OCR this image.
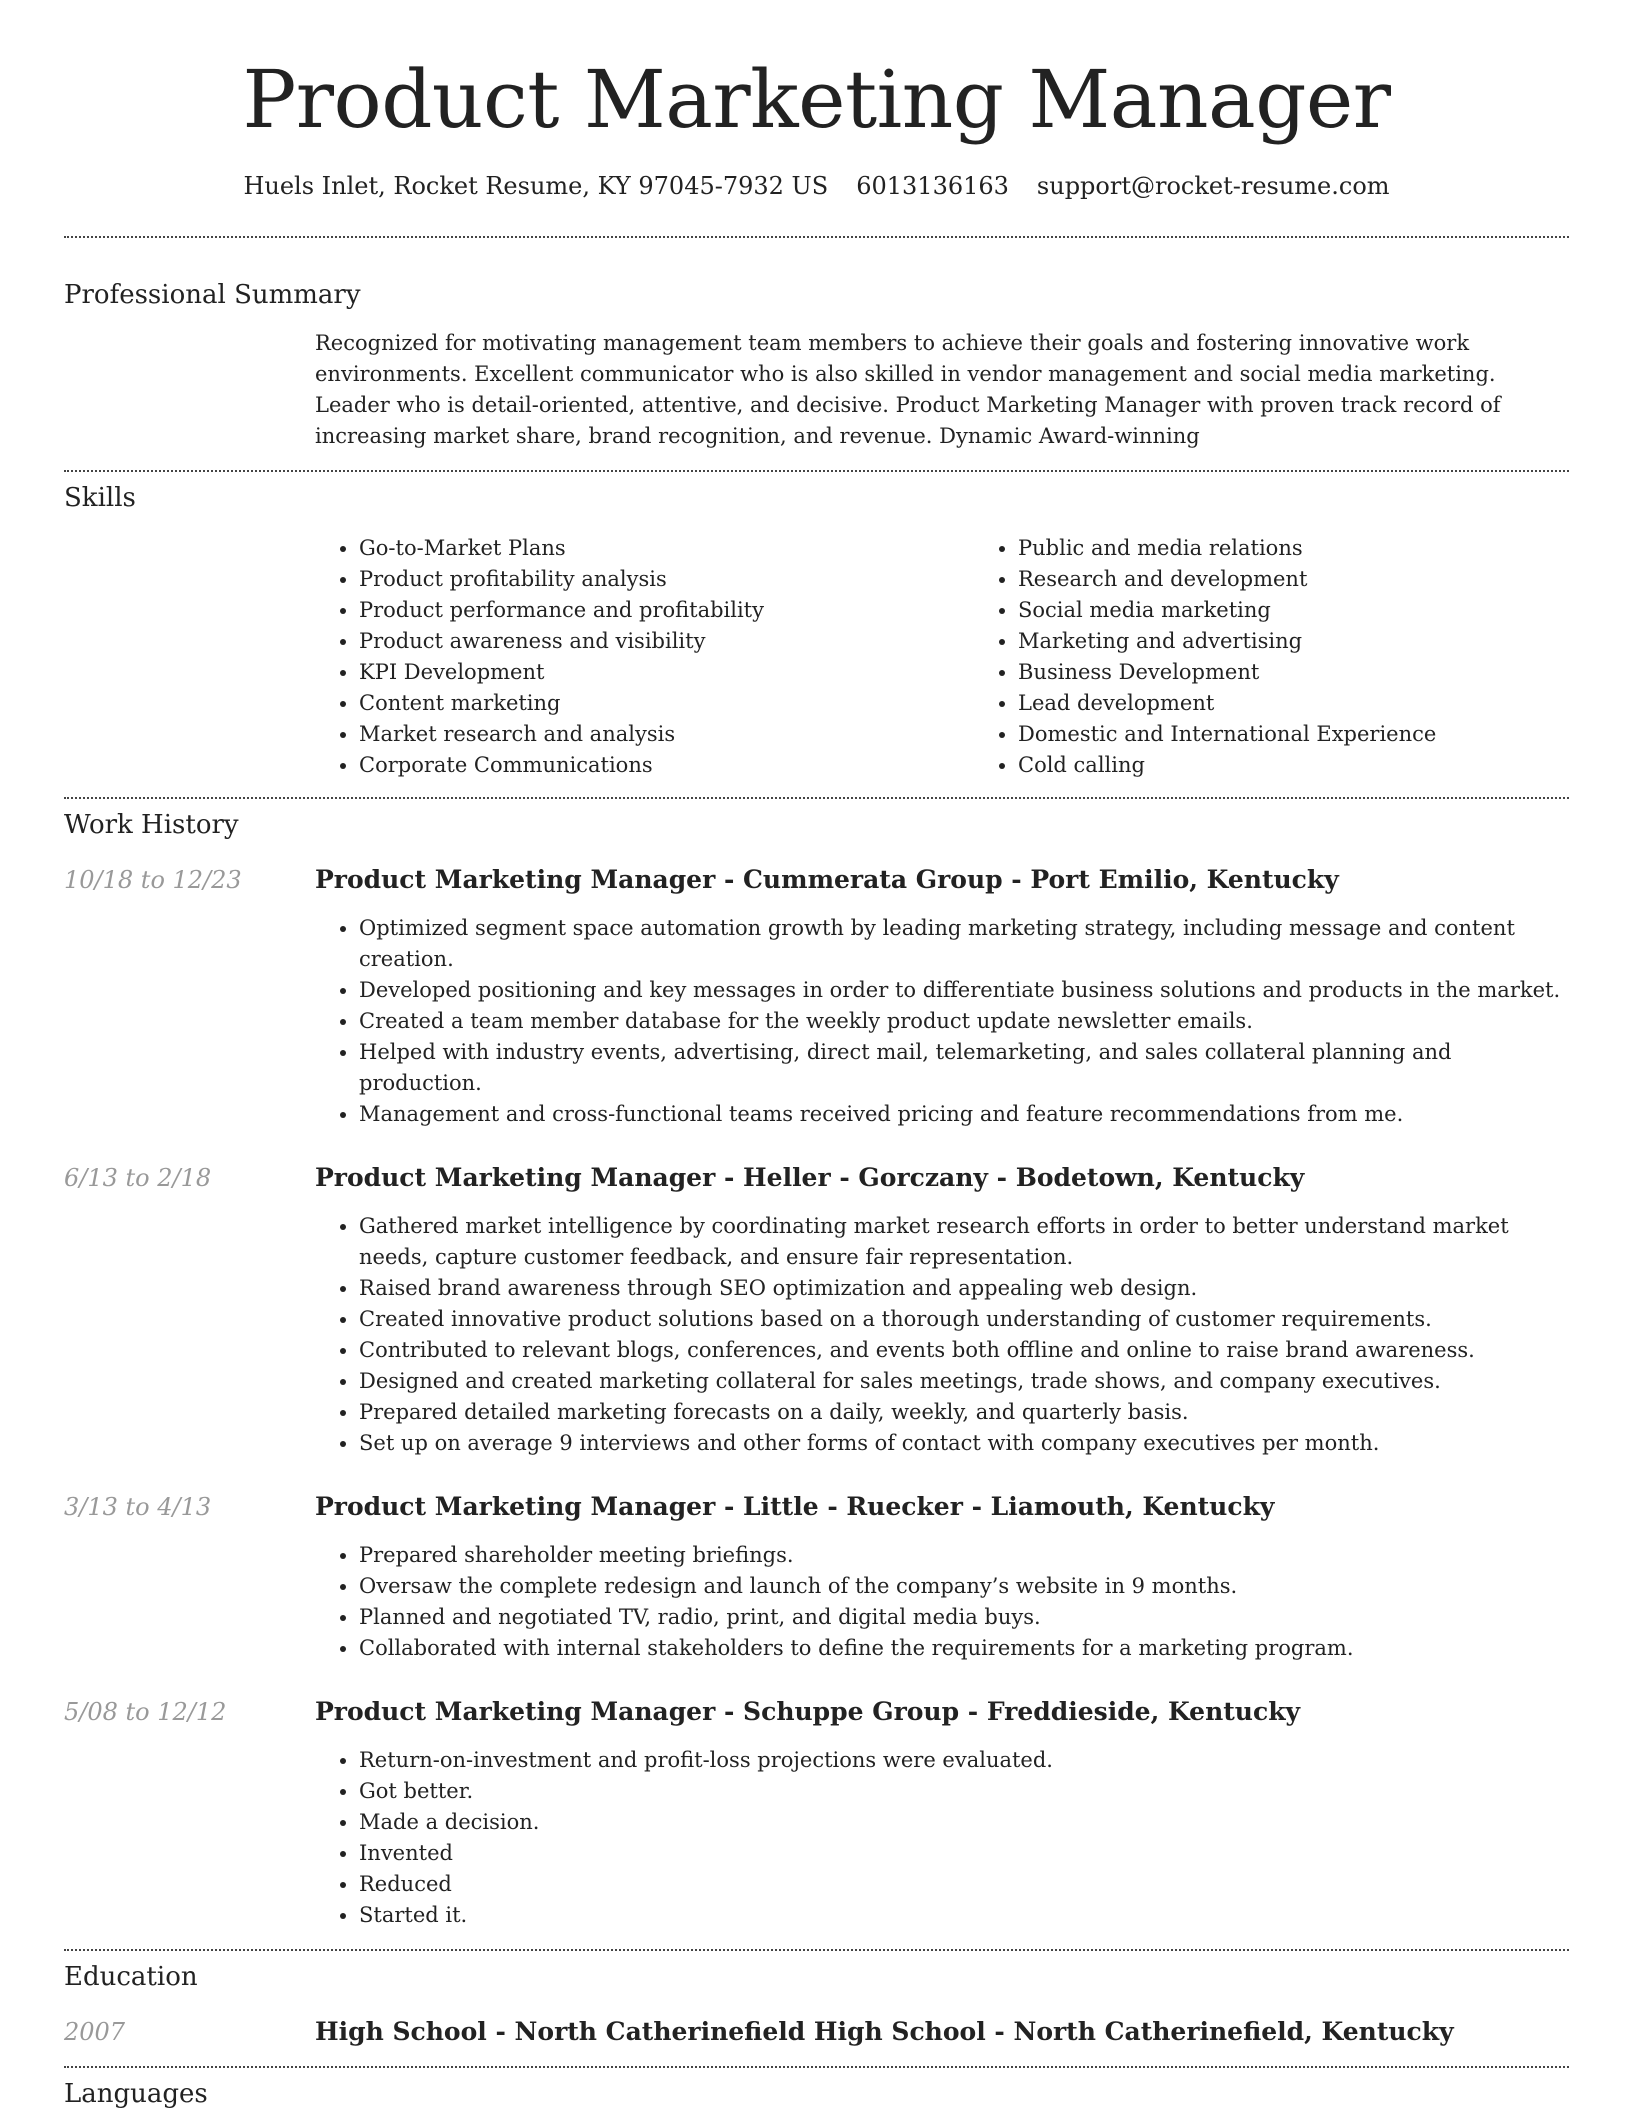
Product Marketing Manager
Huels Inlet, Rocket Resume, KY 97045-7932 US 6013136163 support@rocket-resume.com
Professional Summary

Recognized for motivating management team members to achieve their goals and fostering innovative work environments. Excellent communicator who is also skilled in vendor management and social media marketing. Leader who is detail-oriented, attentive, and decisive. Product Marketing Manager with proven track record of increasing market share, brand recognition, and revenue. Dynamic Award-winning

Skills
• Go-to-Market Plans
• Product profitability analysis
• Product performance and profitability
• Product awareness and visibility
• KPI Development
• Content marketing
• Market research and analysis
• Corporate Communications
• Public and media relations
• Research and development
• Social media marketing
• Marketing and advertising
• Business Development
• Lead development
• Domestic and International Experience
• Cold calling
Work History
10/18 to 12/23	Product Marketing Manager - Cummerata Group - Port Emilio, Kentucky
• Optimized segment space automation growth by leading marketing strategy, including message and content creation.
• Developed positioning and key messages in order to differentiate business solutions and products in the market.
• Created a team member database for the weekly product update newsletter emails.
• Helped with industry events, advertising, direct mail, telemarketing, and sales collateral planning and production.
• Management and cross-functional teams received pricing and feature recommendations from me.
6/13 to 2/18	Product Marketing Manager - Heller - Gorczany - Bodetown, Kentucky
• Gathered market intelligence by coordinating market research efforts in order to better understand market needs, capture customer feedback, and ensure fair representation.
• Raised brand awareness through SEO optimization and appealing web design.
• Created innovative product solutions based on a thorough understanding of customer requirements.
• Contributed to relevant blogs, conferences, and events both offline and online to raise brand awareness.
• Designed and created marketing collateral for sales meetings, trade shows, and company executives.
• Prepared detailed marketing forecasts on a daily, weekly, and quarterly basis.
• Set up on average 9 interviews and other forms of contact with company executives per month.
3/13 to 4/13	Product Marketing Manager - Little - Ruecker - Liamouth, Kentucky
• Prepared shareholder meeting briefings.
• Oversaw the complete redesign and launch of the company’s website in 9 months.
• Planned and negotiated TV, radio, print, and digital media buys.
• Collaborated with internal stakeholders to define the requirements for a marketing program.
5/08 to 12/12	Product Marketing Manager - Schuppe Group - Freddieside, Kentucky
• Return-on-investment and profit-loss projections were evaluated.
• Got better.
• Made a decision.
• Invented
• Reduced
• Started it.
Education
2007	High School - North Catherinefield High School - North Catherinefield, Kentucky
Languages
